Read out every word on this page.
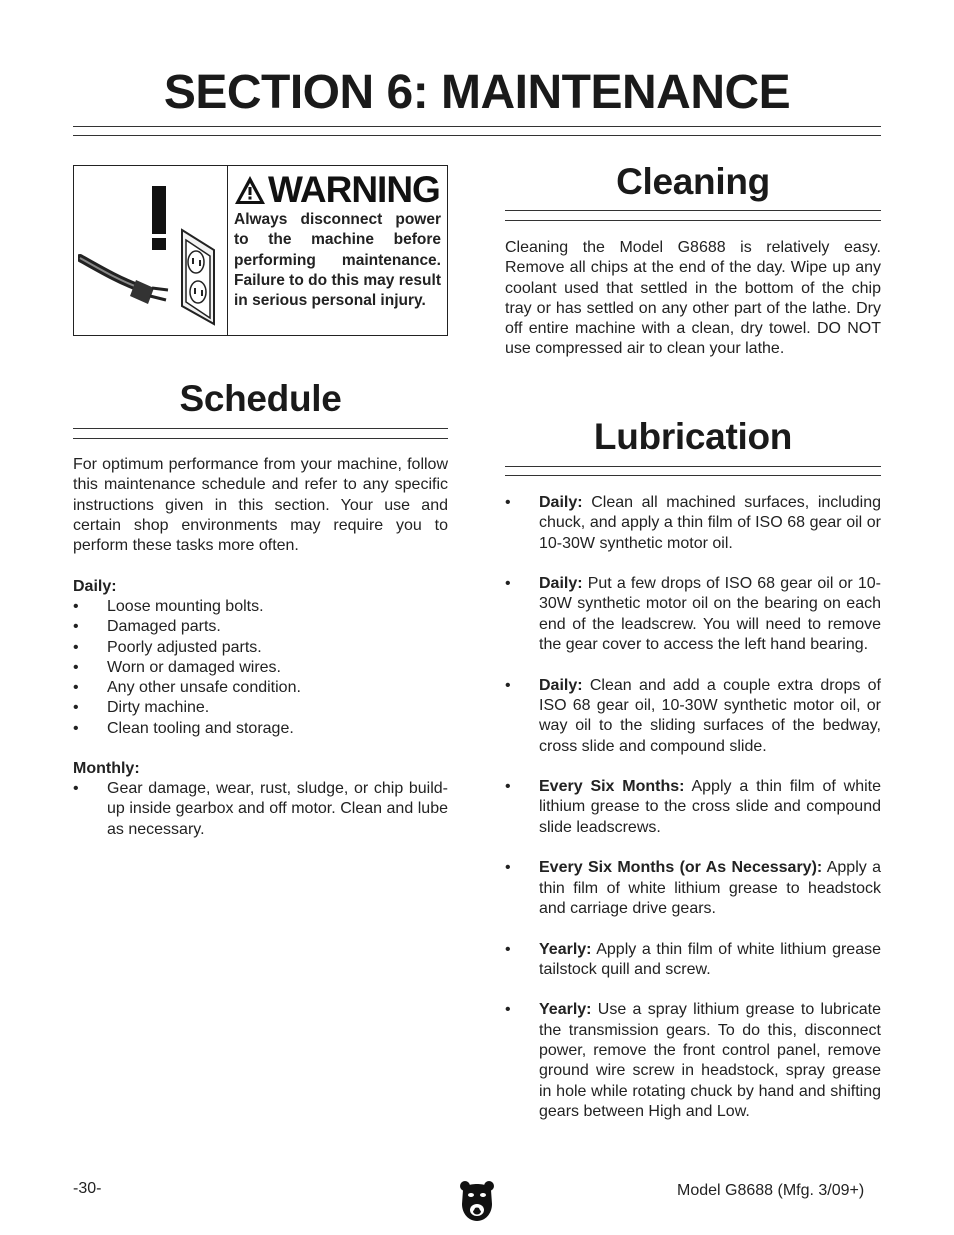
SECTION 6: MAINTENANCE
WARNING
Always disconnect power to the machine before performing maintenance. Failure to do this may result in serious personal injury.
Schedule
For optimum performance from your machine, follow this maintenance schedule and refer to any specific instructions given in this section. Your use and certain shop environments may require you to perform these tasks more often.
Daily:
• Loose mounting bolts.
• Damaged parts.
• Poorly adjusted parts.
• Worn or damaged wires.
• Any other unsafe condition.
• Dirty machine.
• Clean tooling and storage.
Monthly:
• Gear damage, wear, rust, sludge, or chip build-up inside gearbox and off motor. Clean and lube as necessary.
Cleaning
Cleaning the Model G8688 is relatively easy. Remove all chips at the end of the day. Wipe up any coolant used that settled in the bottom of the chip tray or has settled on any other part of the lathe. Dry off entire machine with a clean, dry towel. DO NOT use compressed air to clean your lathe.
Lubrication
• Daily: Clean all machined surfaces, including chuck, and apply a thin film of ISO 68 gear oil or 10-30W synthetic motor oil.
• Daily: Put a few drops of ISO 68 gear oil or 10-30W synthetic motor oil on the bearing on each end of the leadscrew. You will need to remove the gear cover to access the left hand bearing.
• Daily: Clean and add a couple extra drops of ISO 68 gear oil, 10-30W synthetic motor oil, or way oil to the sliding surfaces of the bedway, cross slide and compound slide.
• Every Six Months: Apply a thin film of white lithium grease to the cross slide and compound slide leadscrews.
• Every Six Months (or As Necessary): Apply a thin film of white lithium grease to headstock and carriage drive gears.
• Yearly: Apply a thin film of white lithium grease tailstock quill and screw.
• Yearly: Use a spray lithium grease to lubricate the transmission gears. To do this, disconnect power, remove the front control panel, remove ground wire screw in headstock, spray grease in hole while rotating chuck by hand and shifting gears between High and Low.
-30-	Model G8688 (Mfg. 3/09+)
